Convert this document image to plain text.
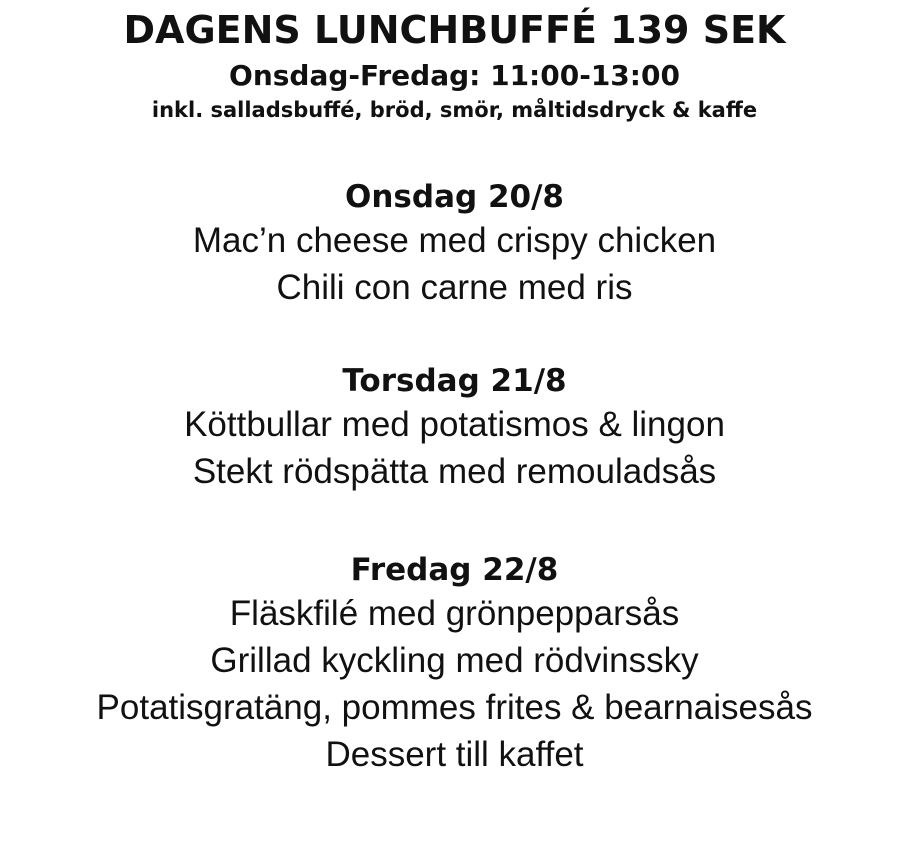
DAGENS LUNCHBUFFÉ 139 SEK
Onsdag-Fredag: 11:00-13:00
inkl. salladsbuffé, bröd, smör, måltidsdryck & kaffe
Onsdag 20/8
Mac’n cheese med crispy chicken
Chili con carne med ris
Torsdag 21/8
Köttbullar med potatismos & lingon
Stekt rödspätta med remouladsås
Fredag 22/8
Fläskfilé med grönpepparsås
Grillad kyckling med rödvinssky
Potatisgratäng, pommes frites & bearnaisesås
Dessert till kaffet
